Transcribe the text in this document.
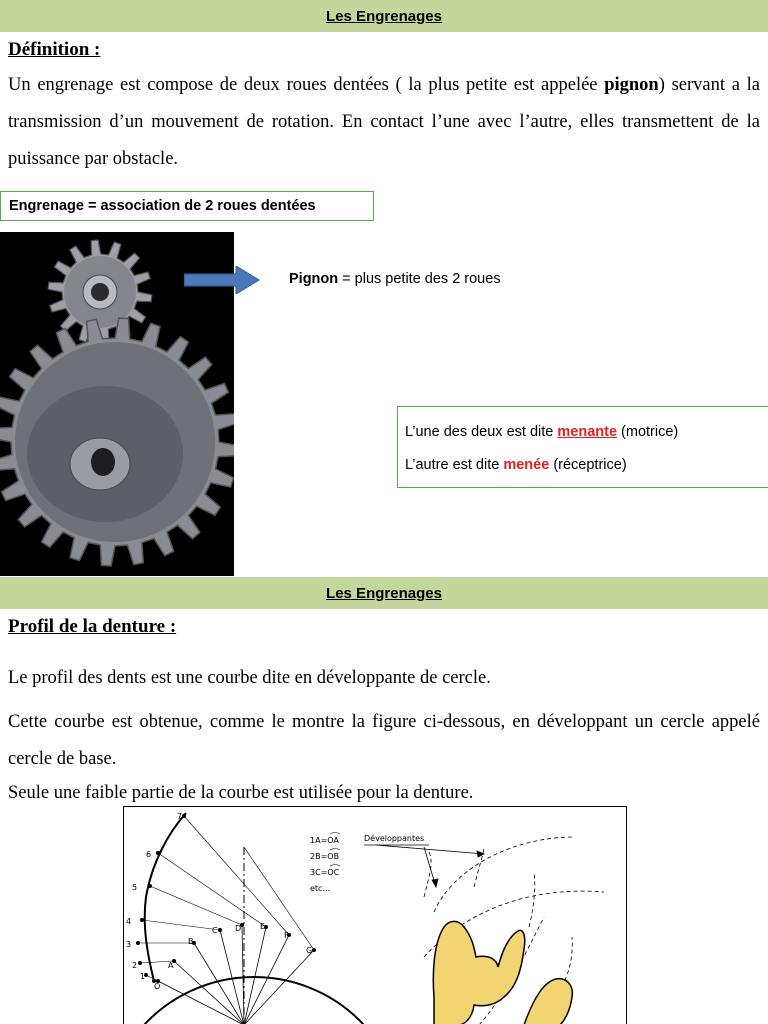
Les Engrenages
Définition :
Un engrenage est compose de deux roues dentées ( la plus petite est appelée pignon) servant a la transmission d’un mouvement de rotation. En contact l’une avec l’autre, elles transmettent de la puissance par obstacle.
Engrenage = association de 2 roues dentées
Pignon = plus petite des 2 roues
L’une des deux est dite menante (motrice)
L’autre est dite menée (réceptrice)
Les Engrenages
Profil de la denture :
Le profil des dents est une courbe dite en développante de cercle.
Cette courbe est obtenue, comme le montre la figure ci-dessous, en développant un cercle appelé cercle de base.
Seule une faible partie de la courbe est utilisée pour la denture.
1
2
3
4
5
6
7
O
A
B
C D E
F
G
1A=OA
2B=OB
3C=OC
etc...
Développantes
